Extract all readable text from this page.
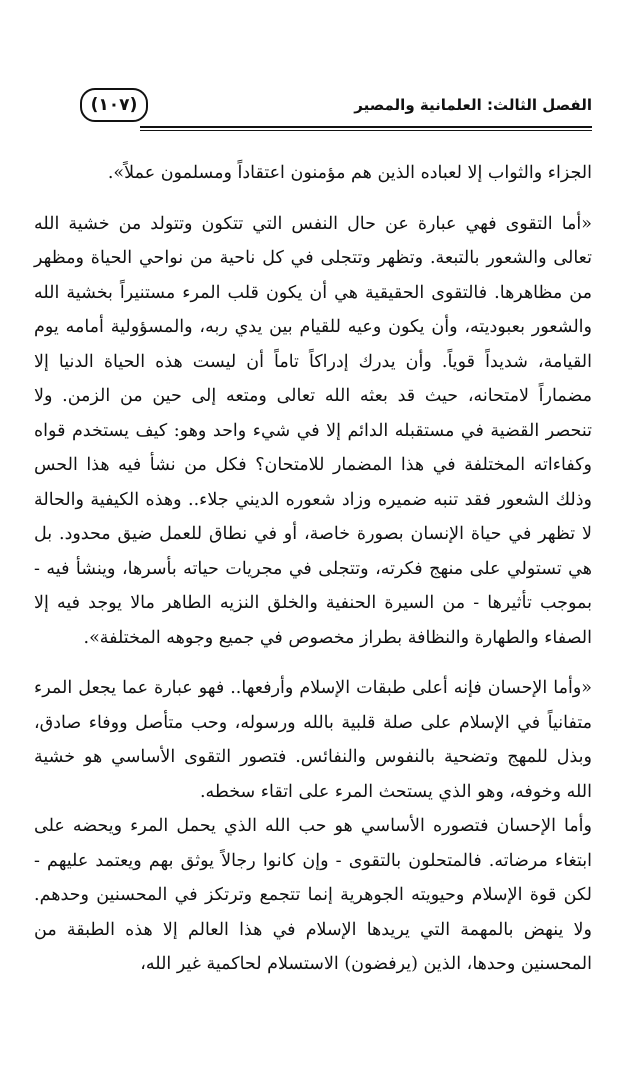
الفصل الثالث: العلمانية والمصير
(١٠٧)

الجزاء والثواب إلا لعباده الذين هم مؤمنون اعتقاداً ومسلمون عملاً».

«أما التقوى فهي عبارة عن حال النفس التي تتكون وتتولد من خشية الله تعالى والشعور بالتبعة. وتظهر وتتجلى في كل ناحية من نواحي الحياة ومظهر من مظاهرها. فالتقوى الحقيقية هي أن يكون قلب المرء مستنيراً بخشية الله والشعور بعبوديته، وأن يكون وعيه للقيام بين يدي ربه، والمسؤولية أمامه يوم القيامة، شديداً قوياً. وأن يدرك إدراكاً تاماً أن ليست هذه الحياة الدنيا إلا مضماراً لامتحانه، حيث قد بعثه الله تعالى ومتعه إلى حين من الزمن. ولا تنحصر القضية في مستقبله الدائم إلا في شيء واحد وهو: كيف يستخدم قواه وكفاءاته المختلفة في هذا المضمار للامتحان؟ فكل من نشأ فيه هذا الحس وذلك الشعور فقد تنبه ضميره وزاد شعوره الديني جلاء.. وهذه الكيفية والحالة لا تظهر في حياة الإنسان بصورة خاصة، أو في نطاق للعمل ضيق محدود. بل هي تستولي على منهج فكرته، وتتجلى في مجريات حياته بأسرها، وينشأ فيه - بموجب تأثيرها - من السيرة الحنفية والخلق النزيه الطاهر مالا يوجد فيه إلا الصفاء والطهارة والنظافة بطراز مخصوص في جميع وجوهه المختلفة».

«وأما الإحسان فإنه أعلى طبقات الإسلام وأرفعها.. فهو عبارة عما يجعل المرء متفانياً في الإسلام على صلة قلبية بالله ورسوله، وحب متأصل ووفاء صادق، وبذل للمهج وتضحية بالنفوس والنفائس. فتصور التقوى الأساسي هو خشية الله وخوفه، وهو الذي يستحث المرء على اتقاء سخطه.

وأما الإحسان فتصوره الأساسي هو حب الله الذي يحمل المرء ويحضه على ابتغاء مرضاته. فالمتحلون بالتقوى - وإن كانوا رجالاً يوثق بهم ويعتمد عليهم - لكن قوة الإسلام وحيويته الجوهرية إنما تتجمع وترتكز في المحسنين وحدهم. ولا ينهض بالمهمة التي يريدها الإسلام في هذا العالم إلا هذه الطبقة من المحسنين وحدها، الذين (يرفضون) الاستسلام لحاكمية غير الله،
